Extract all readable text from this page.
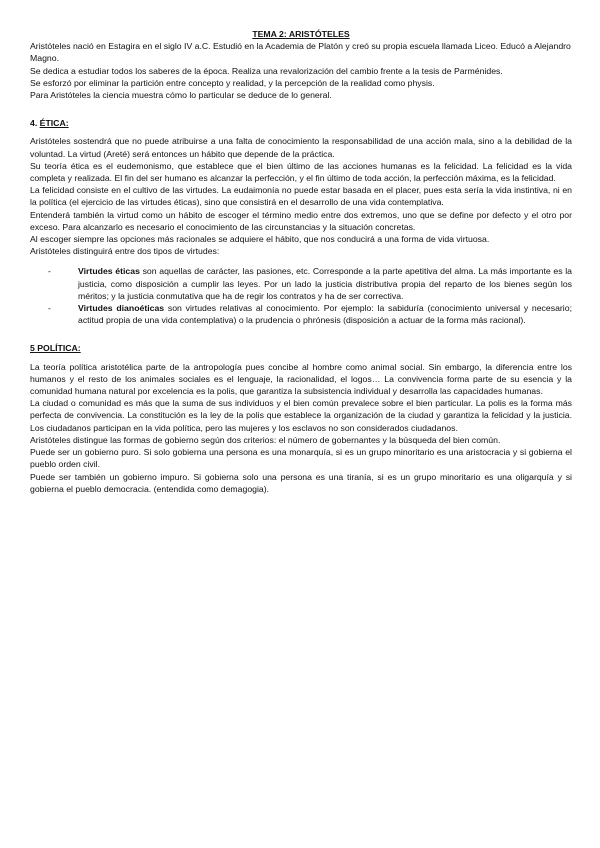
TEMA 2: ARISTÓTELES

Aristóteles nació en Estagira en el siglo IV a.C. Estudió en la Academia de Platón y creó su propia escuela llamada Liceo. Educó a Alejandro Magno.

Se dedica a estudiar todos los saberes de la época. Realiza una revalorización del cambio frente a la tesis de Parménides.

Se esforzó por eliminar la partición entre concepto y realidad, y la percepción de la realidad como physis.

Para Aristóteles la ciencia muestra cómo lo particular se deduce de lo general.

4. ÉTICA:

Aristóteles sostendrá que no puede atribuirse a una falta de conocimiento la responsabilidad de una acción mala, sino a la debilidad de la voluntad. La virtud (Areté) será entonces un hábito que depende de la práctica.

Su teoría ética es el eudemonismo, que establece que el bien último de las acciones humanas es la felicidad. La felicidad es la vida completa y realizada. El fin del ser humano es alcanzar la perfección, y el fin último de toda acción, la perfección máxima, es la felicidad.

La felicidad consiste en el cultivo de las virtudes. La eudaimonía no puede estar basada en el placer, pues esta sería la vida instintiva, ni en la política (el ejercicio de las virtudes éticas), sino que consistirá en el desarrollo de una vida contemplativa.

Entenderá también la virtud como un hábito de escoger el término medio entre dos extremos, uno que se define por defecto y el otro por exceso. Para alcanzarlo es necesario el conocimiento de las circunstancias y la situación concretas.

Al escoger siempre las opciones más racionales se adquiere el hábito, que nos conducirá a una forma de vida virtuosa.

Aristóteles distinguirá entre dos tipos de virtudes:

-	Virtudes éticas son aquellas de carácter, las pasiones, etc. Corresponde a la parte apetitiva del alma. La más importante es la justicia, como disposición a cumplir las leyes. Por un lado la justicia distributiva propia del reparto de los bienes según los méritos; y la justicia conmutativa que ha de regir los contratos y ha de ser correctiva.
-	Virtudes dianoéticas son virtudes relativas al conocimiento. Por ejemplo: la sabiduría (conocimiento universal y necesario; actitud propia de una vida contemplativa) o la prudencia o phrónesis (disposición a actuar de la forma más racional).

5 POLÍTICA:

La teoría política aristotélica parte de la antropología pues concibe al hombre como animal social. Sin embargo, la diferencia entre los humanos y el resto de los animales sociales es el lenguaje, la racionalidad, el logos… La convivencia forma parte de su esencia y la comunidad humana natural por excelencia es la polis, que garantiza la subsistencia individual y desarrolla las capacidades humanas.

La ciudad o comunidad es más que la suma de sus individuos y el bien común prevalece sobre el bien particular. La polis es la forma más perfecta de convivencia. La constitución es la ley de la polis que establece la organización de la ciudad y garantiza la felicidad y la justicia. Los ciudadanos participan en la vida política, pero las mujeres y los esclavos no son considerados ciudadanos.

Aristóteles distingue las formas de gobierno según dos criterios: el número de gobernantes y la búsqueda del bien común.

Puede ser un gobierno puro. Si solo gobierna una persona es una monarquía, si es un grupo minoritario es una aristocracia y si gobierna el pueblo orden civil.

Puede ser también un gobierno impuro. Si gobierna solo una persona es una tiranía, si es un grupo minoritario es una oligarquía y si gobierna el pueblo democracia. (entendida como demagogia).
